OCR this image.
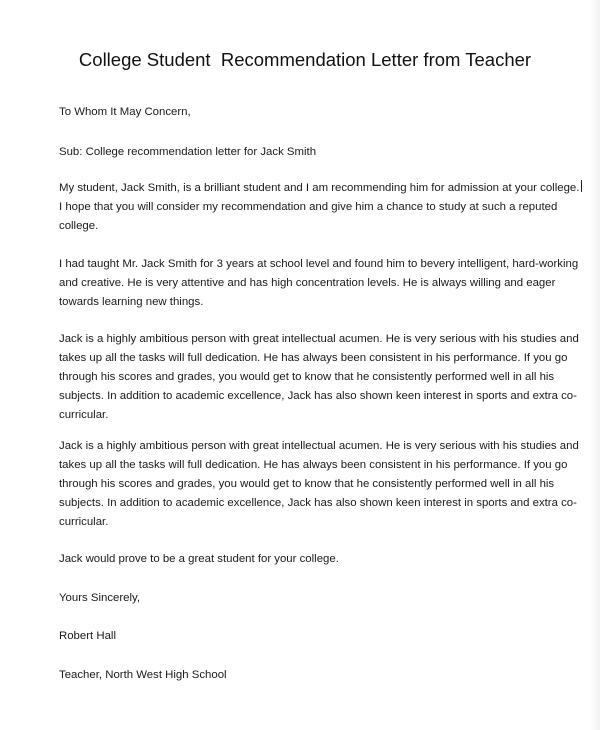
College Student  Recommendation Letter from Teacher

To Whom It May Concern,

Sub: College recommendation letter for Jack Smith

My student, Jack Smith, is a brilliant student and I am recommending him for admission at your college.
I hope that you will consider my recommendation and give him a chance to study at such a reputed
college.

I had taught Mr. Jack Smith for 3 years at school level and found him to bevery intelligent, hard-working
and creative. He is very attentive and has high concentration levels. He is always willing and eager
towards learning new things.

Jack is a highly ambitious person with great intellectual acumen. He is very serious with his studies and
takes up all the tasks will full dedication. He has always been consistent in his performance. If you go
through his scores and grades, you would get to know that he consistently performed well in all his
subjects. In addition to academic excellence, Jack has also shown keen interest in sports and extra co-
curricular.

Jack is a highly ambitious person with great intellectual acumen. He is very serious with his studies and
takes up all the tasks will full dedication. He has always been consistent in his performance. If you go
through his scores and grades, you would get to know that he consistently performed well in all his
subjects. In addition to academic excellence, Jack has also shown keen interest in sports and extra co-
curricular.

Jack would prove to be a great student for your college.

Yours Sincerely,

Robert Hall

Teacher, North West High School
